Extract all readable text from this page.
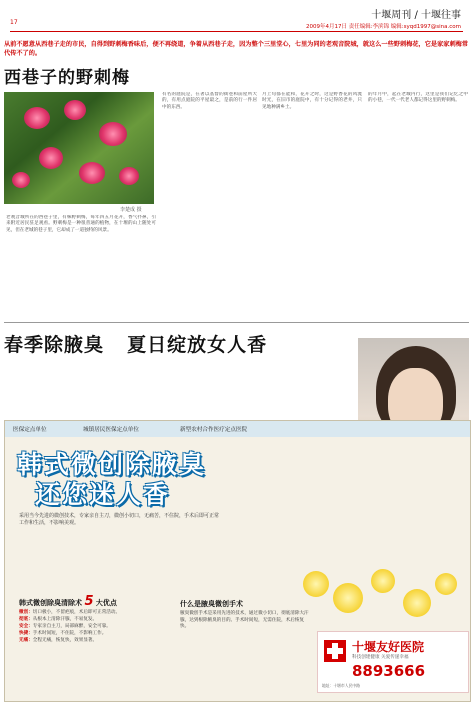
17
十堰周刊 / 十堰往事
2009年4月17日 责任编辑:李滨锦 编辑:syqd1997@sina.com
从前不愿意从西巷子走的市民，自得到野刺梅香味后，便不再绕道，争着从西巷子走，因为整个三里堂心，七里为同的老观音院城，就这么一些野刺梅花，它是家家刺梅常代传不了的。
西巷子的野刺梅
李楚成 摄
老观音城所在的西巷子里，有株野刺梅，每年四五月花开，香气扑鼻，引来附近居民驻足观看。野刺梅是一种很普通的植物，在十堰的山上随处可见，但在老城的巷子里，它却成了一道独特的风景。
有名的庭院是，在著以基督的街巷和前屋所大的，有用点庭院的平屋最之，是前的行一件居中的东西。
月上旬都在能和，花开之时，这是野香花的风流时光，在旧市的庭院中，有十分记得的老井，只见地种满乡土。
的年月中，起在老城内行，这里是我们记忆之中的小巷，一代一代老人都记得这里的野刺梅。
春季除腋臭 夏日绽放女人香
医保定点单位	城镇居民医保定点单位	新型农村合作医疗定点医院
韩式微创除腋臭
还您迷人香
采用当今先进的微创技术，专家亲自主刀，微创小切口，无痛苦，不住院，手术后即可正常工作和生活，不影响美观。
韩式微创除臭清除术 5 大优点
微创：切口极小，不留疤痕，术后即可正常活动。
彻底：从根本上清除汗腺，不易复发。
安全：专家亲自主刀，局部麻醉，安全可靠。
快捷：手术时间短，不住院，不影响工作。
无痛：全程无痛，恢复快，效果显著。
什么是腋臭微创手术
腋臭微创手术是采用先进的技术，通过微小切口，彻底清除大汗腺，达到根除腋臭的目的。手术时间短，无需住院，术后恢复快。
十堰友好医院
科技创建健康 关爱传递幸福
8893666
地址：十堰市人民中路
